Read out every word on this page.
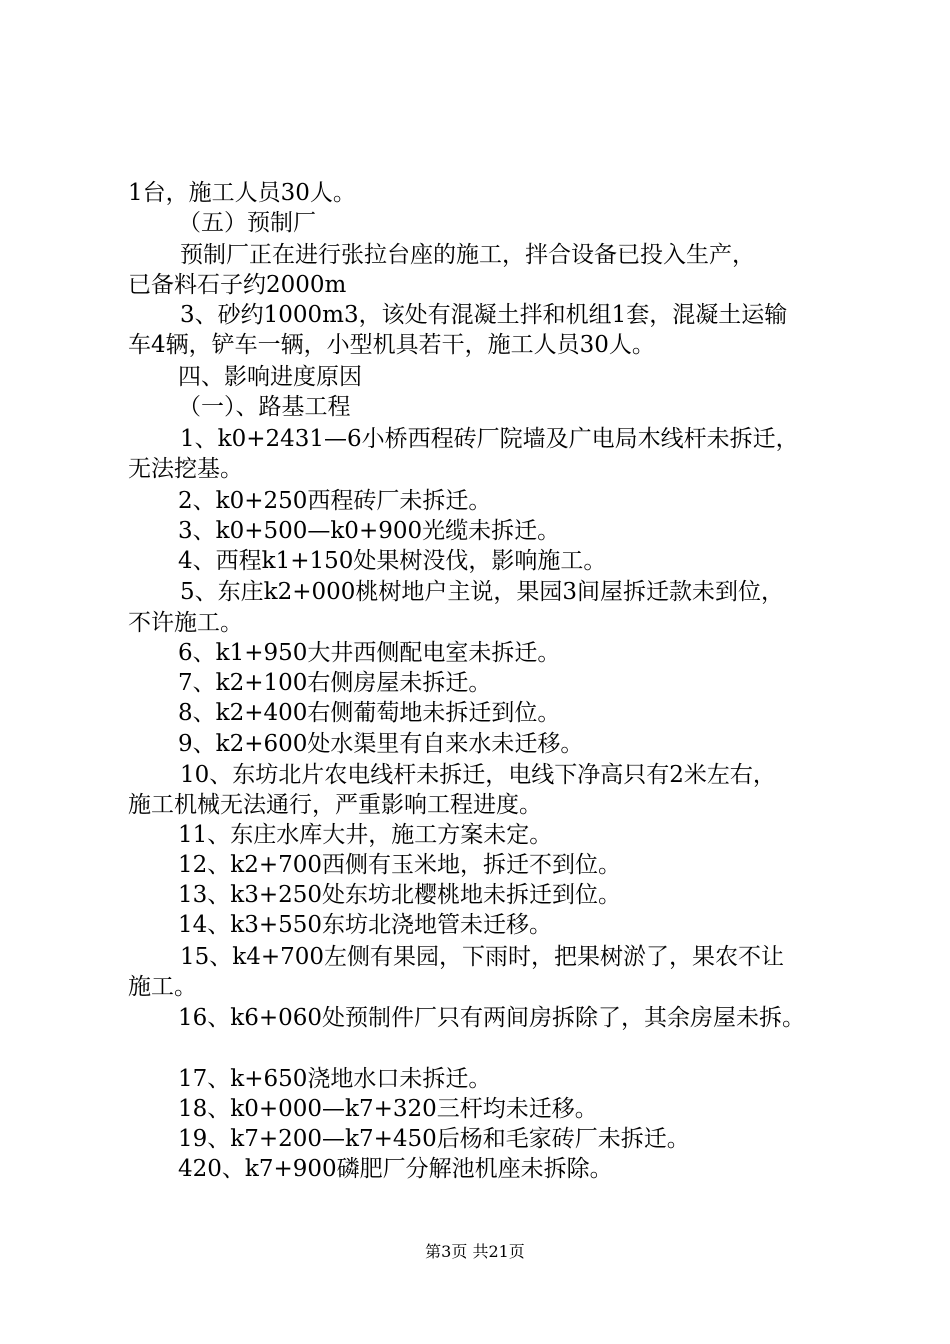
1台，施工人员30人。
（五）预制厂
预制厂正在进行张拉台座的施工，拌合设备已投入生产，
已备料石子约2000m
3、砂约1000m3，该处有混凝土拌和机组1套，混凝土运输
车4辆，铲车一辆，小型机具若干，施工人员30人。
四、影响进度原因
（一）、路基工程
1、k0+2431—6小桥西程砖厂院墙及广电局木线杆未拆迁，
无法挖基。
2、k0+250西程砖厂未拆迁。
3、k0+500—k0+900光缆未拆迁。
4、西程k1+150处果树没伐，影响施工。
5、东庄k2+000桃树地户主说，果园3间屋拆迁款未到位，
不许施工。
6、k1+950大井西侧配电室未拆迁。
7、k2+100右侧房屋未拆迁。
8、k2+400右侧葡萄地未拆迁到位。
9、k2+600处水渠里有自来水未迁移。
10、东坊北片农电线杆未拆迁，电线下净高只有2米左右，
施工机械无法通行，严重影响工程进度。
11、东庄水库大井，施工方案未定。
12、k2+700西侧有玉米地，拆迁不到位。
13、k3+250处东坊北樱桃地未拆迁到位。
14、k3+550东坊北浇地管未迁移。
15、k4+700左侧有果园，下雨时，把果树淤了，果农不让
施工。
16、k6+060处预制件厂只有两间房拆除了，其余房屋未拆。
17、k+650浇地水口未拆迁。
18、k0+000—k7+320三杆均未迁移。
19、k7+200—k7+450后杨和毛家砖厂未拆迁。
420、k7+900磷肥厂分解池机座未拆除。
第3页 共21页
